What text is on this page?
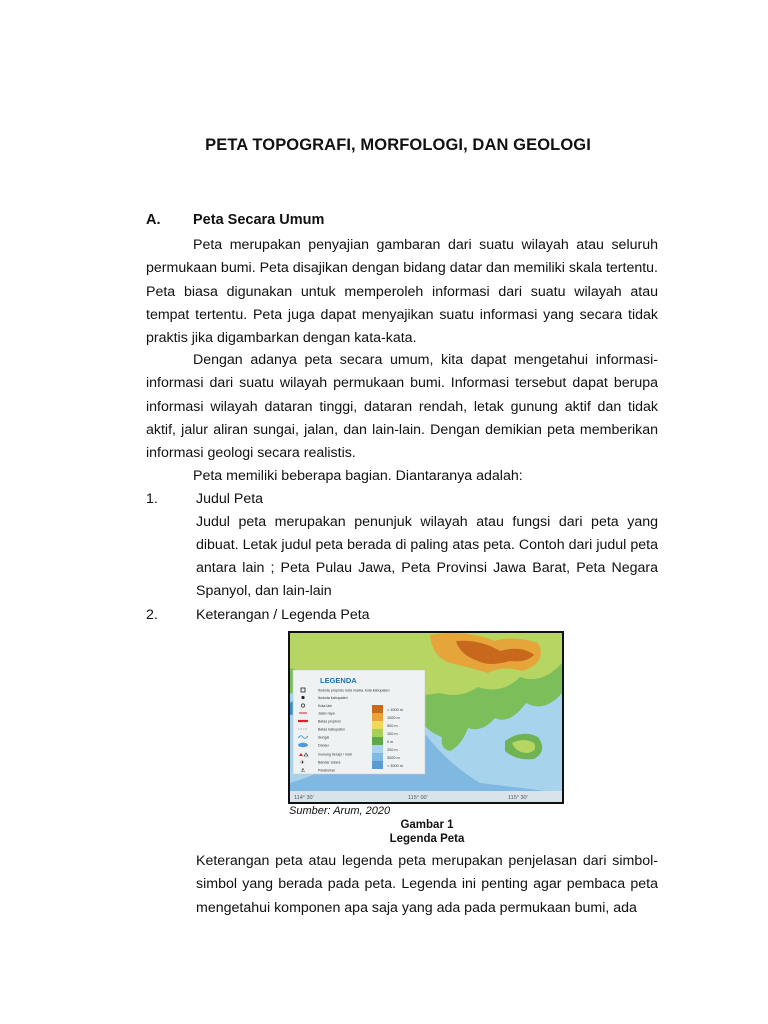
PETA TOPOGRAFI, MORFOLOGI, DAN GEOLOGI
A. Peta Secara Umum
Peta merupakan penyajian gambaran dari suatu wilayah atau seluruh permukaan bumi. Peta disajikan dengan bidang datar dan memiliki skala tertentu. Peta biasa digunakan untuk memperoleh informasi dari suatu wilayah atau tempat tertentu. Peta juga dapat menyajikan suatu informasi yang secara tidak praktis jika digambarkan dengan kata-kata.
Dengan adanya peta secara umum, kita dapat mengetahui informasi-informasi dari suatu wilayah permukaan bumi. Informasi tersebut dapat berupa informasi wilayah dataran tinggi, dataran rendah, letak gunung aktif dan tidak aktif, jalur aliran sungai, jalan, dan lain-lain. Dengan demikian peta memberikan informasi geologi secara realistis.
Peta memiliki beberapa bagian. Diantaranya adalah:
1.	Judul Peta
Judul peta merupakan penunjuk wilayah atau fungsi dari peta yang dibuat. Letak judul peta berada di paling atas peta. Contoh dari judul peta antara lain ; Peta Pulau Jawa, Peta Provinsi Jawa Barat, Peta Negara Spanyol, dan lain-lain
2.	Keterangan / Legenda Peta
114° 30'	115° 00'	115° 30'
LEGENDA
✈
⚓
Ibukota propinsi, kota madia, kota kabupaten
Ibukota kabupaten
Kota lain
Jalan raya
Batas propinsi
Batas kabupaten
Sungai
Danau
Gunung berapi / mati
Bandar Udara
Pelabuhan
> 1000 m
1000 m
500 m
100 m
0 m
200 m
3000 m
> 3000 m
Sumber: Arum, 2020
Gambar 1
Legenda Peta
Keterangan peta atau legenda peta merupakan penjelasan dari simbol-simbol yang berada pada peta. Legenda ini penting agar pembaca peta mengetahui komponen apa saja yang ada pada permukaan bumi, ada
